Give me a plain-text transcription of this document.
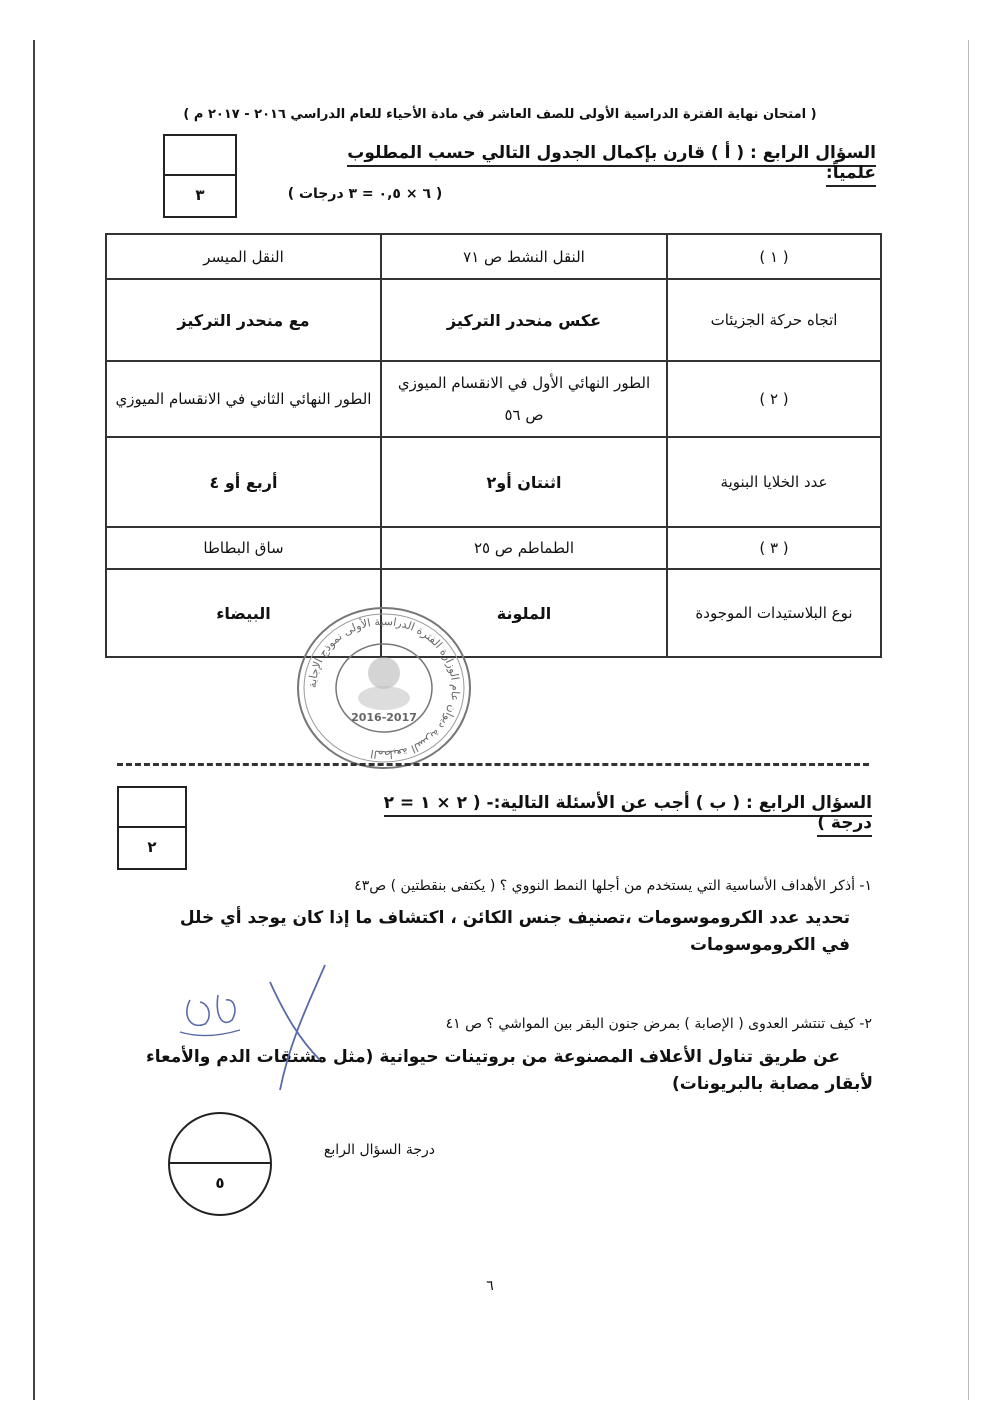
( امتحان نهاية الفترة الدراسية الأولى للصف العاشر في مادة الأحياء للعام الدراسي ٢٠١٦ - ٢٠١٧ م )
السؤال الرابع : ( أ ) قارن بإكمال الجدول التالي حسب المطلوب علمياً:
( ٦ × ٠,٥ = ٣ درجات )
٣
( ١ )	النقل النشط ص ٧١	النقل الميسر
اتجاه حركة الجزيئات	عكس منحدر التركيز	مع منحدر التركيز
( ٢ )	الطور النهائي الأول في الانقسام الميوزي ص ٥٦	الطور النهائي الثاني في الانقسام الميوزي
عدد الخلايا البنوية	اثنتان أو٢	أربع أو ٤
( ٣ )	الطماطم ص ٢٥	ساق البطاطا
نوع البلاستيدات الموجودة	الملونة	البيضاء
المطبعة السرية ديوان عام الوزارة الفترة الدراسية الأولى نموذج الإجابة
2016-2017
السؤال الرابع : ( ب ) أجب عن الأسئلة التالية:- ( ٢ × ١ = ٢ درجة )
٢
١- أذكر الأهداف الأساسية التي يستخدم من أجلها النمط النووي ؟ ( يكتفى بنقطتين ) ص٤٣
تحديد عدد الكروموسومات ،تصنيف جنس الكائن ، اكتشاف ما إذا كان يوجد أي خلل
في الكروموسومات
٢- كيف تنتشر العدوى ( الإصابة ) بمرض جنون البقر بين المواشي ؟ ص ٤١
عن طريق تناول الأعلاف المصنوعة من بروتينات حيوانية (مثل مشتقات الدم والأمعاء
لأبقار مصابة بالبريونات)
٥
درجة السؤال الرابع
٦
